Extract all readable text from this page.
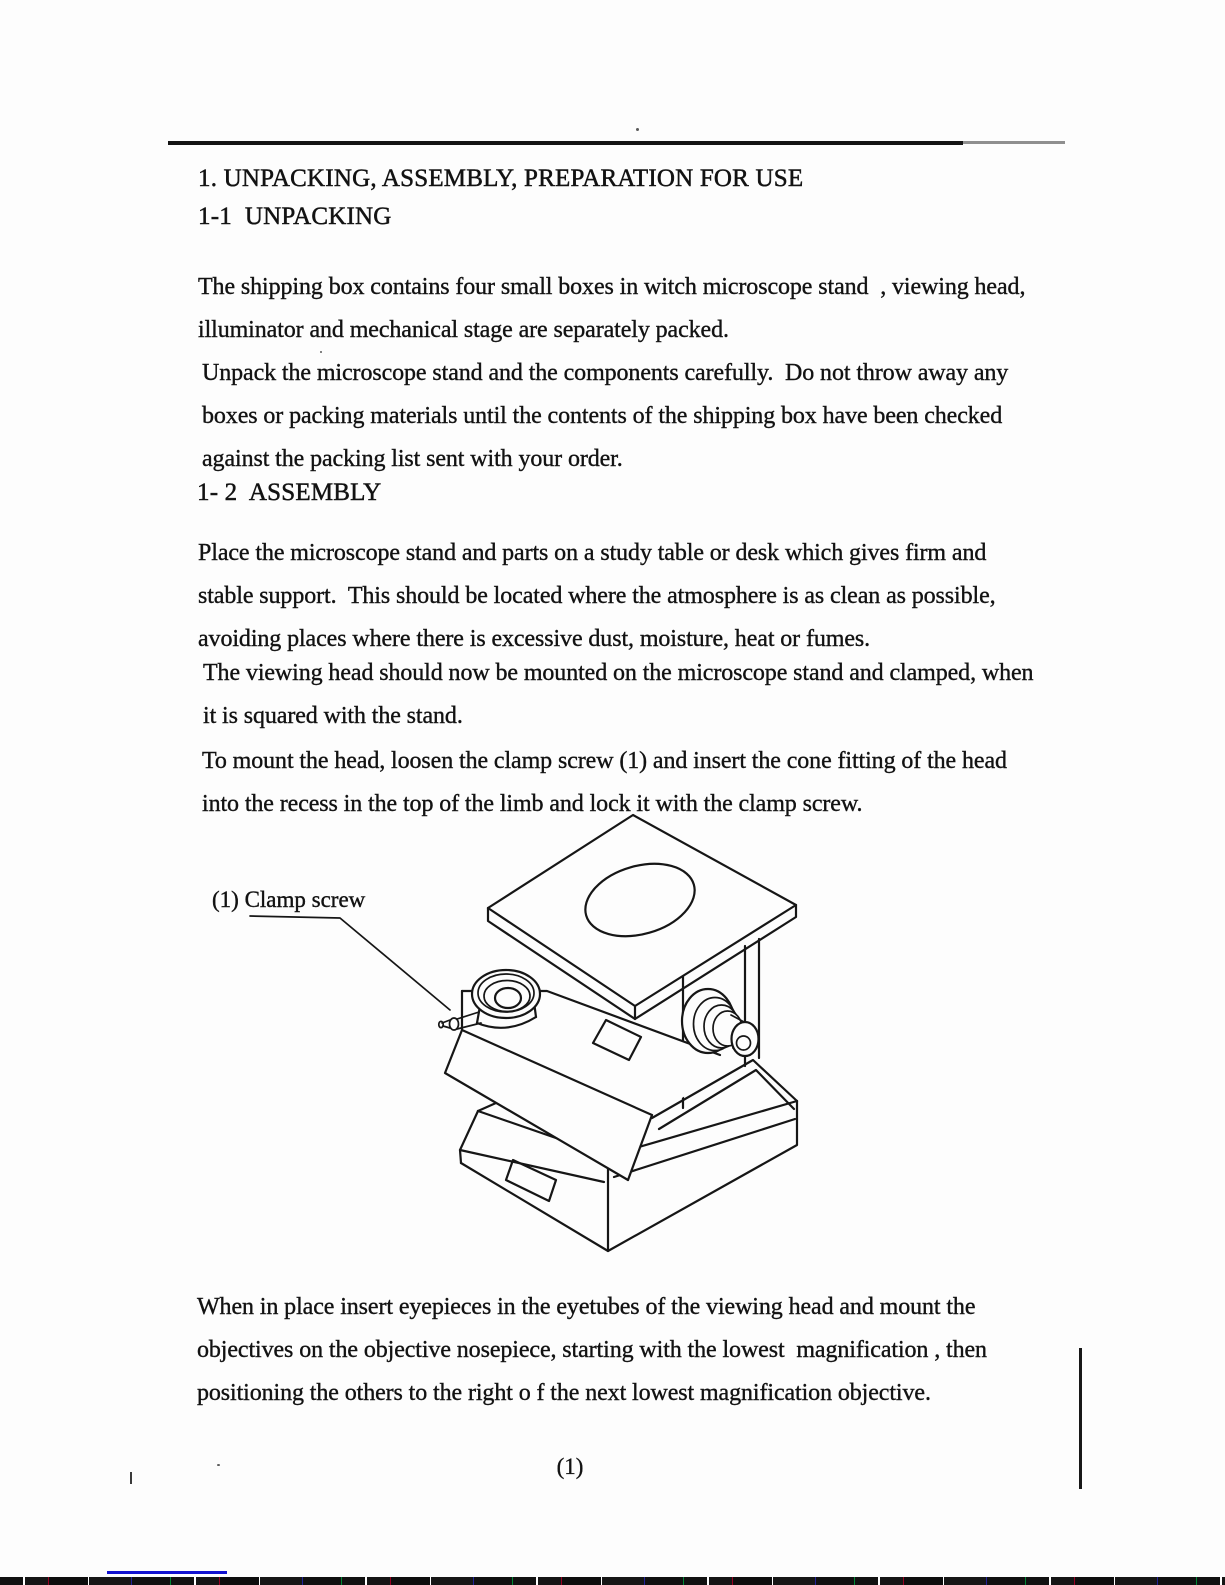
1. UNPACKING, ASSEMBLY, PREPARATION FOR USE
1-1  UNPACKING
The shipping box contains four small boxes in witch microscope stand  , viewing head,
illuminator and mechanical stage are separately packed.
Unpack the microscope stand and the components carefully.  Do not throw away any
boxes or packing materials until the contents of the shipping box have been checked
against the packing list sent with your order.
1- 2  ASSEMBLY
Place the microscope stand and parts on a study table or desk which gives firm and
stable support.  This should be located where the atmosphere is as clean as possible,
avoiding places where there is excessive dust, moisture, heat or fumes.
The viewing head should now be mounted on the microscope stand and clamped, when
it is squared with the stand.
To mount the head, loosen the clamp screw (1) and insert the cone fitting of the head
into the recess in the top of the limb and lock it with the clamp screw.
(1) Clamp screw
When in place insert eyepieces in the eyetubes of the viewing head and mount the
objectives on the objective nosepiece, starting with the lowest  magnification , then
positioning the others to the right o f the next lowest magnification objective.
(1)
